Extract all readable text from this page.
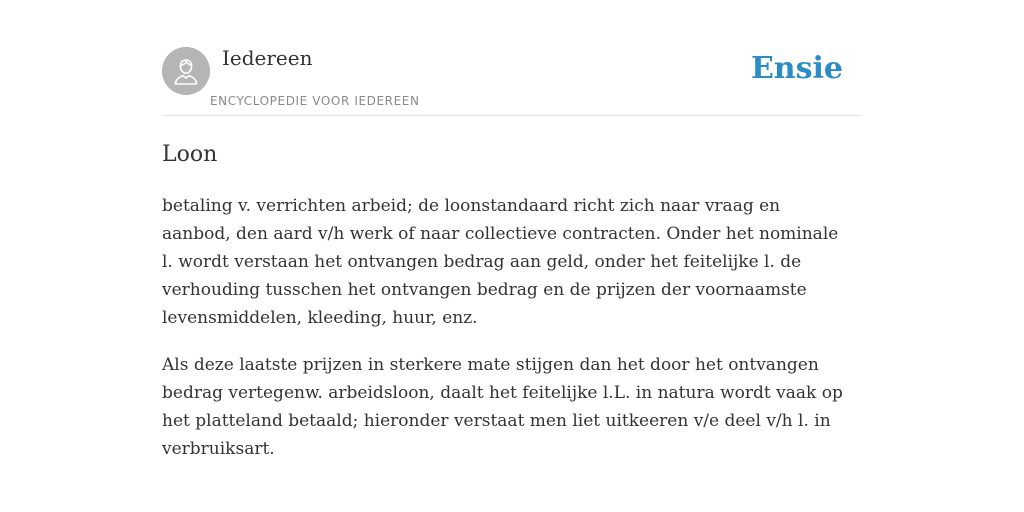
Iedereen
ENCYCLOPEDIE VOOR IEDEREEN
Ensie
Loon

betaling v. verrichten arbeid; de loonstandaard richt zich naar vraag en aanbod, den aard v/h werk of naar collectieve contracten. Onder het nominale l. wordt verstaan het ontvangen bedrag aan geld, onder het feitelijke l. de verhouding tusschen het ontvangen bedrag en de prijzen der voornaamste levensmiddelen, kleeding, huur, enz.

Als deze laatste prijzen in sterkere mate stijgen dan het door het ontvangen bedrag vertegenw. arbeidsloon, daalt het feitelijke l.L. in natura wordt vaak op het platteland betaald; hieronder verstaat men liet uitkeeren v/e deel v/h l. in verbruiksart.
